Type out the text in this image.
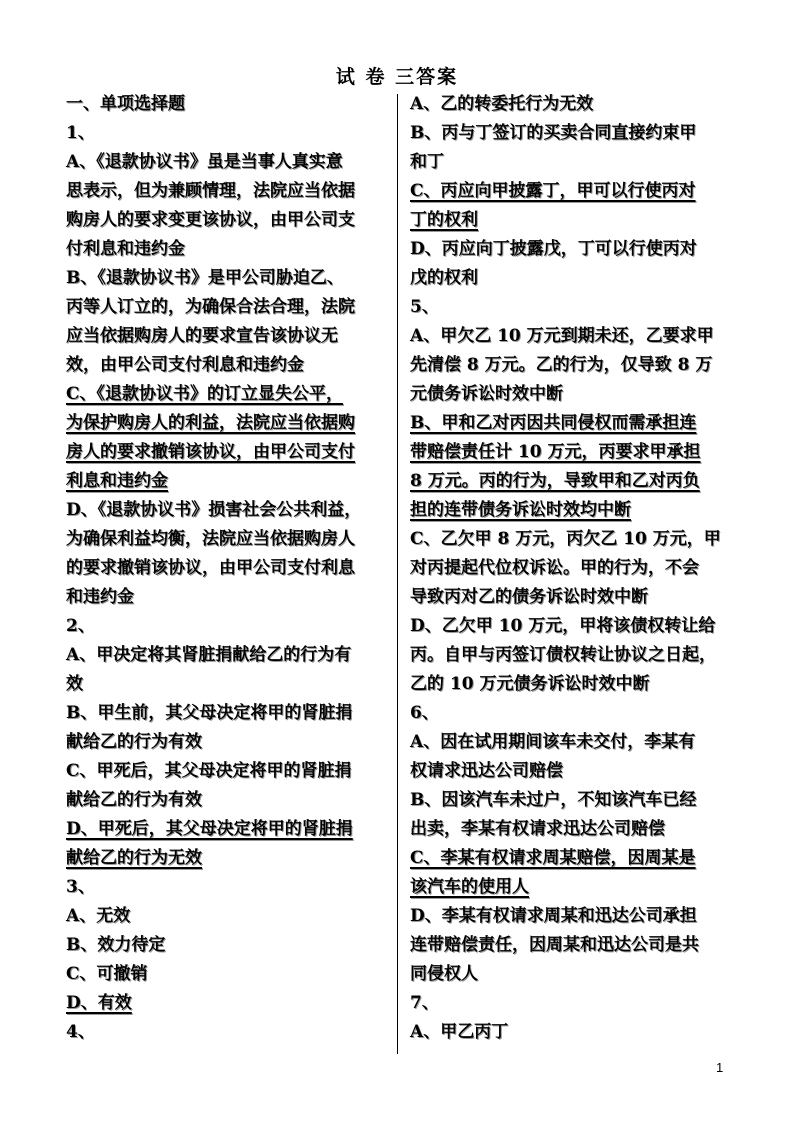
试 卷 三答案
一、单项选择题
1、
A、《退款协议书》虽是当事人真实意
思表示，但为兼顾情理，法院应当依据
购房人的要求变更该协议，由甲公司支
付利息和违约金
B、《退款协议书》是甲公司胁迫乙、
丙等人订立的，为确保合法合理，法院
应当依据购房人的要求宣告该协议无
效，由甲公司支付利息和违约金
C、《退款协议书》的订立显失公平，
为保护购房人的利益，法院应当依据购
房人的要求撤销该协议，由甲公司支付
利息和违约金
D、《退款协议书》损害社会公共利益，
为确保利益均衡，法院应当依据购房人
的要求撤销该协议，由甲公司支付利息
和违约金
2、
A、甲决定将其肾脏捐献给乙的行为有
效
B、甲生前，其父母决定将甲的肾脏捐
献给乙的行为有效
C、甲死后，其父母决定将甲的肾脏捐
献给乙的行为有效
D、甲死后，其父母决定将甲的肾脏捐
献给乙的行为无效
3、
A、无效
B、效力待定
C、可撤销
D、有效
4、
A、乙的转委托行为无效
B、丙与丁签订的买卖合同直接约束甲
和丁
C、丙应向甲披露丁，甲可以行使丙对
丁的权利
D、丙应向丁披露戊，丁可以行使丙对
戊的权利
5、
A、甲欠乙 10 万元到期未还，乙要求甲
先清偿 8 万元。乙的行为，仅导致 8 万
元债务诉讼时效中断
B、甲和乙对丙因共同侵权而需承担连
带赔偿责任计 10 万元，丙要求甲承担
8 万元。丙的行为，导致甲和乙对丙负
担的连带债务诉讼时效均中断
C、乙欠甲 8 万元，丙欠乙 10 万元，甲
对丙提起代位权诉讼。甲的行为，不会
导致丙对乙的债务诉讼时效中断
D、乙欠甲 10 万元，甲将该债权转让给
丙。自甲与丙签订债权转让协议之日起，
乙的 10 万元债务诉讼时效中断
6、
A、因在试用期间该车未交付，李某有
权请求迅达公司赔偿
B、因该汽车未过户，不知该汽车已经
出卖，李某有权请求迅达公司赔偿
C、李某有权请求周某赔偿，因周某是
该汽车的使用人
D、李某有权请求周某和迅达公司承担
连带赔偿责任，因周某和迅达公司是共
同侵权人
7、
A、甲乙丙丁
1
